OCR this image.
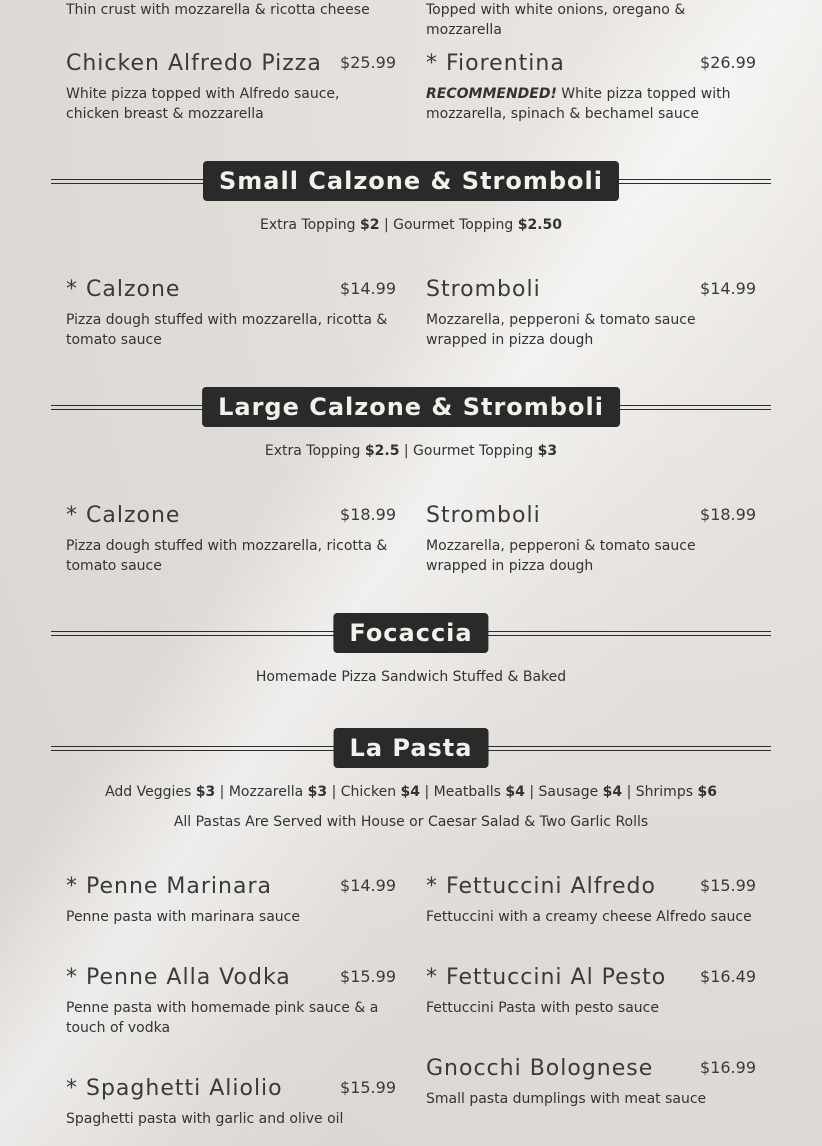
Thin crust with mozzarella & ricotta cheese	Topped with white onions, oregano & mozzarella
Chicken Alfredo Pizza $25.99
White pizza topped with Alfredo sauce, chicken breast & mozzarella
* Fiorentina	$26.99
RECOMMENDED! White pizza topped with mozzarella, spinach & bechamel sauce
Small Calzone & Stromboli
Extra Topping $2 | Gourmet Topping $2.50
* Calzone	$14.99
Pizza dough stuffed with mozzarella, ricotta & tomato sauce
Stromboli	$14.99
Mozzarella, pepperoni & tomato sauce wrapped in pizza dough
Large Calzone & Stromboli
Extra Topping $2.5 | Gourmet Topping $3
* Calzone	$18.99
Pizza dough stuffed with mozzarella, ricotta & tomato sauce
Stromboli	$18.99
Mozzarella, pepperoni & tomato sauce wrapped in pizza dough
Focaccia
Homemade Pizza Sandwich Stuffed & Baked
La Pasta
Add Veggies $3 | Mozzarella $3 | Chicken $4 | Meatballs $4 | Sausage $4 | Shrimps $6
All Pastas Are Served with House or Caesar Salad & Two Garlic Rolls
* Penne Marinara	$14.99
Penne pasta with marinara sauce
* Fettuccini Alfredo	$15.99
Fettuccini with a creamy cheese Alfredo sauce
* Penne Alla Vodka	$15.99
Penne pasta with homemade pink sauce & a touch of vodka
* Fettuccini Al Pesto $16.49
Fettuccini Pasta with pesto sauce
Gnocchi Bolognese	$16.99
Small pasta dumplings with meat sauce
* Spaghetti Aliolio	$15.99
Spaghetti pasta with garlic and olive oil
